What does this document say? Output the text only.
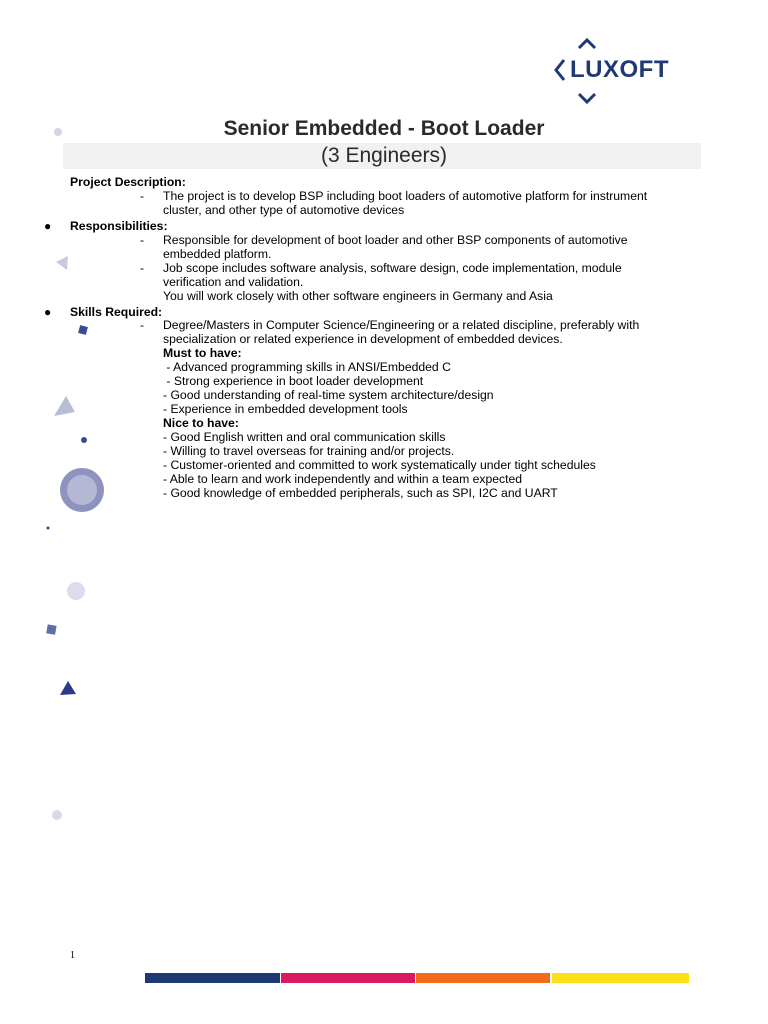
LUXOFT
Senior Embedded - Boot Loader
(3 Engineers)
Project Description:
- The project is to develop BSP including boot loaders of automotive platform for instrument
cluster, and other type of automotive devices
● Responsibilities:
- Responsible for development of boot loader and other BSP components of automotive
embedded platform.
- Job scope includes software analysis, software design, code implementation, module
verification and validation.
You will work closely with other software engineers in Germany and Asia
● Skills Required:
- Degree/Masters in Computer Science/Engineering or a related discipline, preferably with
specialization or related experience in development of embedded devices.
Must to have:
- Advanced programming skills in ANSI/Embedded C
- Strong experience in boot loader development
- Good understanding of real-time system architecture/design
- Experience in embedded development tools
Nice to have:
- Good English written and oral communication skills
- Willing to travel overseas for training and/or projects.
- Customer-oriented and committed to work systematically under tight schedules
- Able to learn and work independently and within a team expected
- Good knowledge of embedded peripherals, such as SPI, I2C and UART
1
